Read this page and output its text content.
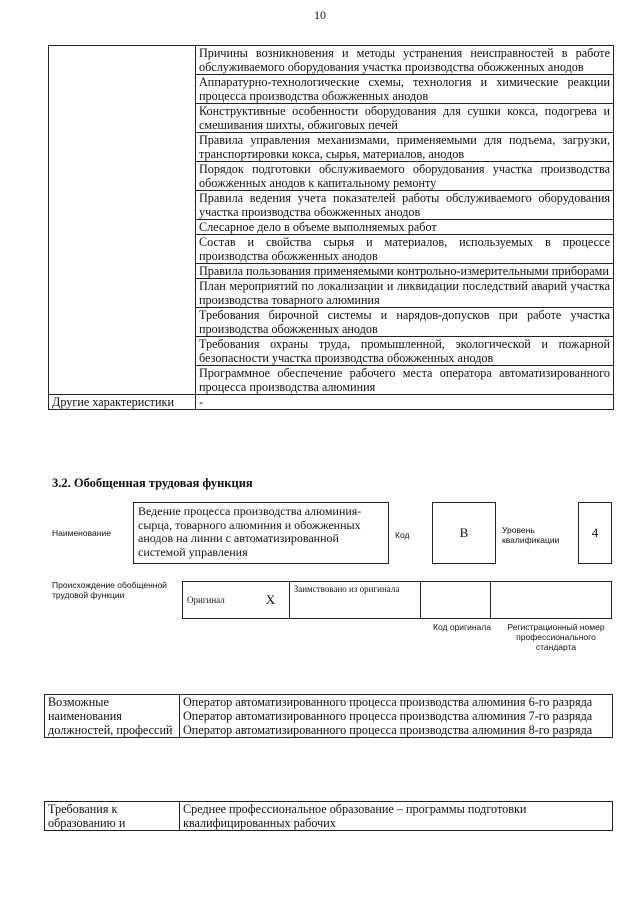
10
	Причины возникновения и методы устранения неисправностей в работе обслуживаемого оборудования участка производства обожженных анодов
	Аппаратурно-технологические схемы, технология и химические реакции процесса производства обожженных анодов
	Конструктивные особенности оборудования для сушки кокса, подогрева и смешивания шихты, обжиговых печей
	Правила управления механизмами, применяемыми для подъема, загрузки, транспортировки кокса, сырья, материалов, анодов
	Порядок подготовки обслуживаемого оборудования участка производства обожженных анодов к капитальному ремонту
	Правила ведения учета показателей работы обслуживаемого оборудования участка производства обожженных анодов
	Слесарное дело в объеме выполняемых работ
	Состав и свойства сырья и материалов, используемых в процессе производства обожженных анодов
	Правила пользования применяемыми контрольно-измерительными приборами
	План мероприятий по локализации и ликвидации последствий аварий участка производства товарного алюминия
	Требования бирочной системы и нарядов-допусков при работе участка производства обожженных анодов
	Требования охраны труда, промышленной, экологической и пожарной безопасности участка производства обожженных анодов
	Программное обеспечение рабочего места оператора автоматизированного процесса производства алюминия
Другие характеристики	-
3.2. Обобщенная трудовая функция
Наименование
Ведение процесса производства алюминия-сырца, товарного алюминия и обожженных анодов на линии с автоматизированной системой управления
Код	B	Уровень квалификации	4
Происхождение обобщенной трудовой функции	Оригинал	X	Заимствовано из оригинала		
Код оригинала	Регистрационный номер профессионального стандарта
Возможные наименования должностей, профессий	
Оператор автоматизированного процесса производства алюминия 6-го разряда
Оператор автоматизированного процесса производства алюминия 7-го разряда
Оператор автоматизированного процесса производства алюминия 8-го разряда
Требования к образованию и	Среднее профессиональное образование – программы подготовки квалифицированных рабочих
